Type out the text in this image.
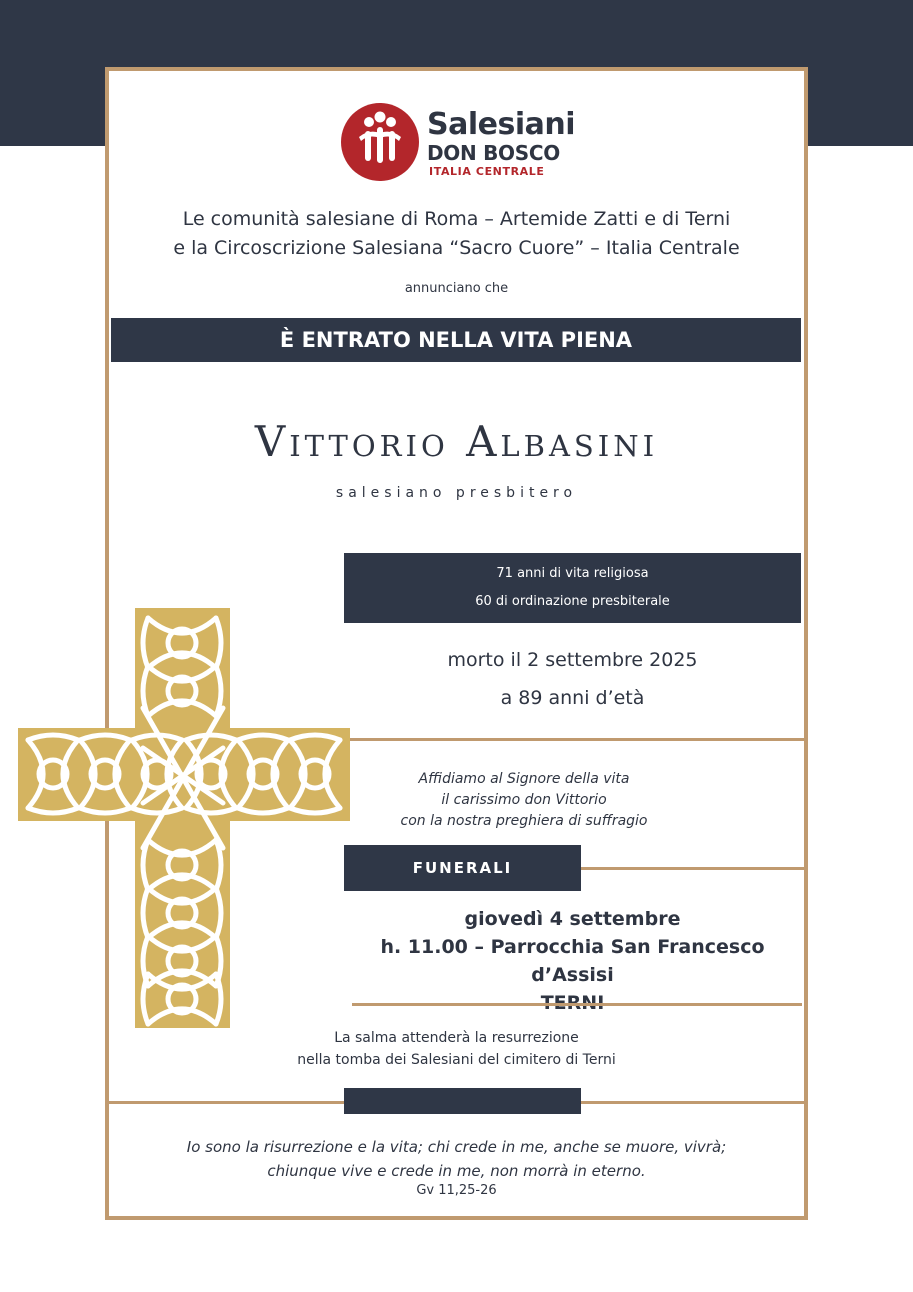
Salesiani
DON BOSCO
ITALIA CENTRALE
Le comunità salesiane di Roma – Artemide Zatti e di Terni
e la Circoscrizione Salesiana “Sacro Cuore” – Italia Centrale
annunciano che
È ENTRATO NELLA VITA PIENA
Vittorio Albasini
salesiano presbitero
71 anni di vita religiosa
60 di ordinazione presbiterale
morto il 2 settembre 2025
a 89 anni d’età
Affidiamo al Signore della vita
il carissimo don Vittorio
con la nostra preghiera di suffragio
FUNERALI
giovedì 4 settembre
h. 11.00 – Parrocchia San Francesco d’Assisi
La salma attenderà la resurrezione
nella tomba dei Salesiani del cimitero di Terni
Io sono la risurrezione e la vita; chi crede in me, anche se muore, vivrà;
chiunque vive e crede in me, non morrà in eterno.
Gv 11,25-26
